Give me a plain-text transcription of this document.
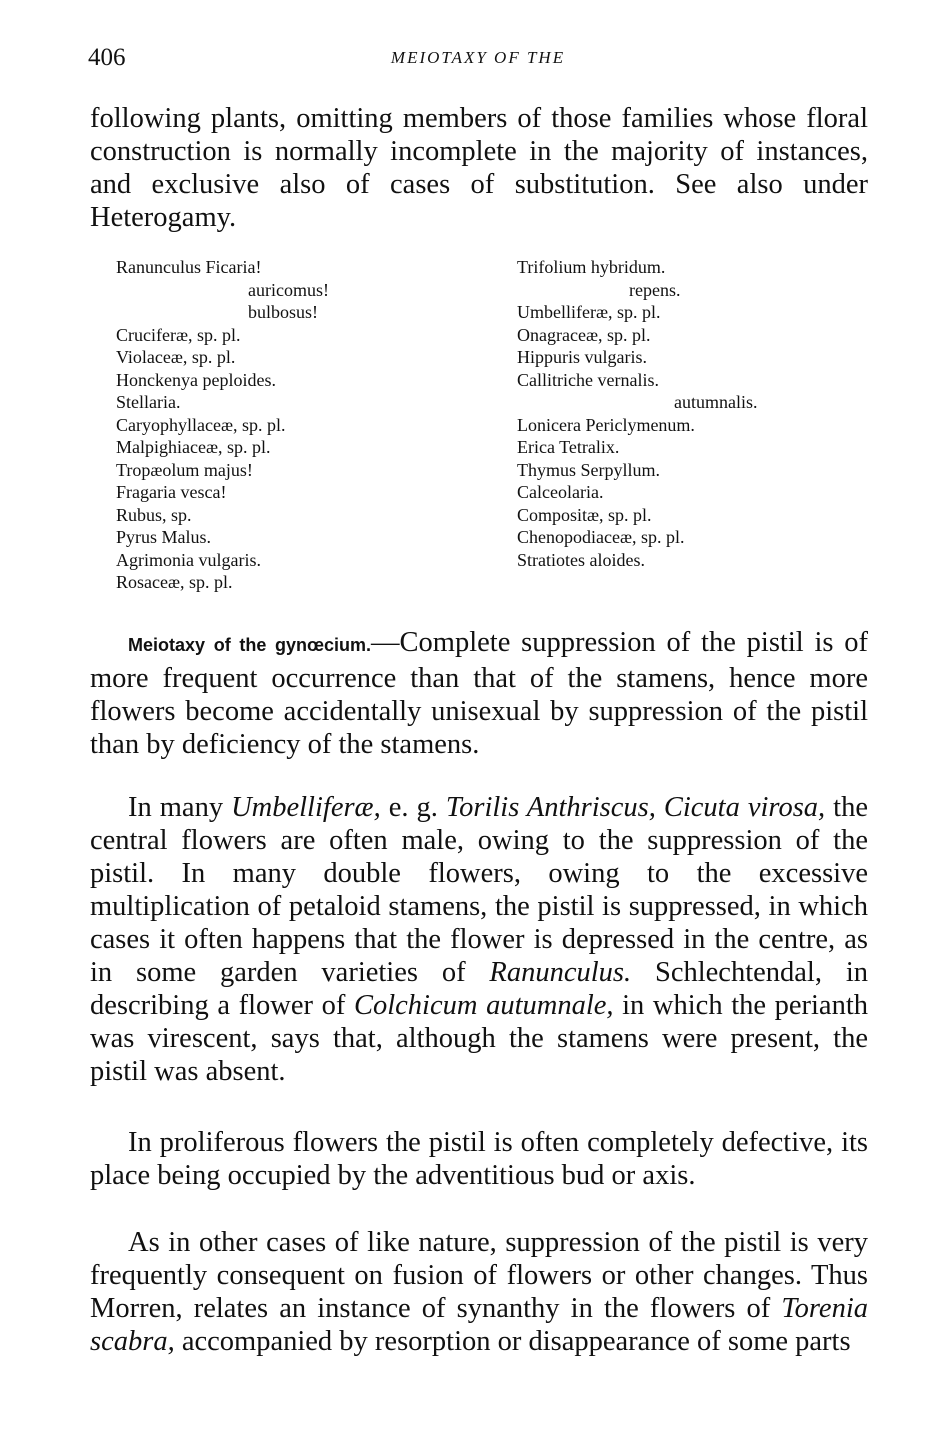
406	MEIOTAXY OF THE

following plants, omitting members of those families whose floral construction is normally incomplete in the majority of instances, and exclusive also of cases of substitution. See also under Heterogamy.

Ranunculus Ficaria!
auricomus!
bulbosus!
Cruciferæ, sp. pl.
Violaceæ, sp. pl.
Honckenya peploides.
Stellaria.
Caryophyllaceæ, sp. pl.
Malpighiaceæ, sp. pl.
Tropæolum majus!
Fragaria vesca!
Rubus, sp.
Pyrus Malus.
Agrimonia vulgaris.
Rosaceæ, sp. pl.
Trifolium hybridum.
repens.
Umbelliferæ, sp. pl.
Onagraceæ, sp. pl.
Hippuris vulgaris.
Callitriche vernalis.
autumnalis.
Lonicera Periclymenum.
Erica Tetralix.
Thymus Serpyllum.
Calceolaria.
Compositæ, sp. pl.
Chenopodiaceæ, sp. pl.
Stratiotes aloides.

Meiotaxy of the gynœcium.—Complete suppression of the pistil is of more frequent occurrence than that of the stamens, hence more flowers become accidentally unisexual by suppression of the pistil than by deficiency of the stamens.

In many Umbelliferæ, e. g. Torilis Anthriscus, Cicuta virosa, the central flowers are often male, owing to the suppression of the pistil. In many double flowers, owing to the excessive multiplication of petaloid stamens, the pistil is suppressed, in which cases it often happens that the flower is depressed in the centre, as in some garden varieties of Ranunculus. Schlechtendal, in describing a flower of Colchicum autumnale, in which the perianth was virescent, says that, although the stamens were present, the pistil was absent.

In proliferous flowers the pistil is often completely defective, its place being occupied by the adventitious bud or axis.

As in other cases of like nature, suppression of the pistil is very frequently consequent on fusion of flowers or other changes. Thus Morren, relates an instance of synanthy in the flowers of Torenia scabra, accompanied by resorption or disappearance of some parts
